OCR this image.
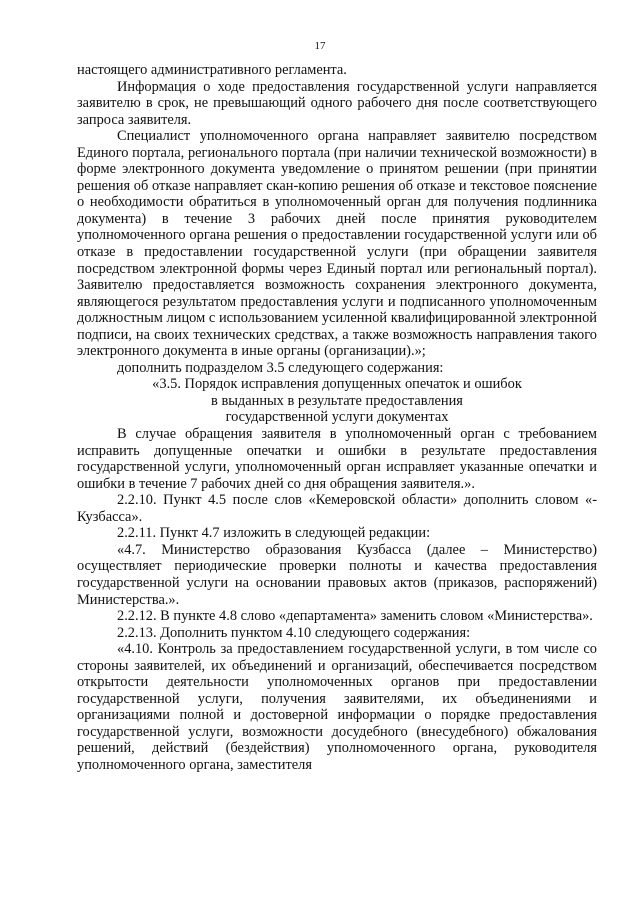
17

настоящего административного регламента.

Информация о ходе предоставления государственной услуги направляется заявителю в срок, не превышающий одного рабочего дня после соответствующего запроса заявителя.

Специалист уполномоченного органа направляет заявителю посредством Единого портала, регионального портала (при наличии технической возможности) в форме электронного документа уведомление о принятом решении (при принятии решения об отказе направляет скан-копию решения об отказе и текстовое пояснение о необходимости обратиться в уполномоченный орган для получения подлинника документа) в течение 3 рабочих дней после принятия руководителем уполномоченного органа решения о предоставлении государственной услуги или об отказе в предоставлении государственной услуги (при обращении заявителя посредством электронной формы через Единый портал или региональный портал). Заявителю предоставляется возможность сохранения электронного документа, являющегося результатом предоставления услуги и подписанного уполномоченным должностным лицом с использованием усиленной квалифицированной электронной подписи, на своих технических средствах, а также возможность направления такого электронного документа в иные органы (организации).»;

дополнить подразделом 3.5 следующего содержания:

«3.5. Порядок исправления допущенных опечаток и ошибок

в выданных в результате предоставления

государственной услуги документах

В случае обращения заявителя в уполномоченный орган с требованием исправить допущенные опечатки и ошибки в результате предоставления государственной услуги, уполномоченный орган исправляет указанные опечатки и ошибки в течение 7 рабочих дней со дня обращения заявителя.».

2.2.10. Пункт 4.5 после слов «Кемеровской области» дополнить словом «-Кузбасса».

2.2.11. Пункт 4.7 изложить в следующей редакции:

«4.7. Министерство образования Кузбасса (далее – Министерство) осуществляет периодические проверки полноты и качества предоставления государственной услуги на основании правовых актов (приказов, распоряжений) Министерства.».

2.2.12. В пункте 4.8 слово «департамента» заменить словом «Министерства».

2.2.13. Дополнить пунктом 4.10 следующего содержания:

«4.10. Контроль за предоставлением государственной услуги, в том числе со стороны заявителей, их объединений и организаций, обеспечивается посредством открытости деятельности уполномоченных органов при предоставлении государственной услуги, получения заявителями, их объединениями и организациями полной и достоверной информации о порядке предоставления государственной услуги, возможности досудебного (внесудебного) обжалования решений, действий (бездействия) уполномоченного органа, руководителя уполномоченного органа, заместителя
